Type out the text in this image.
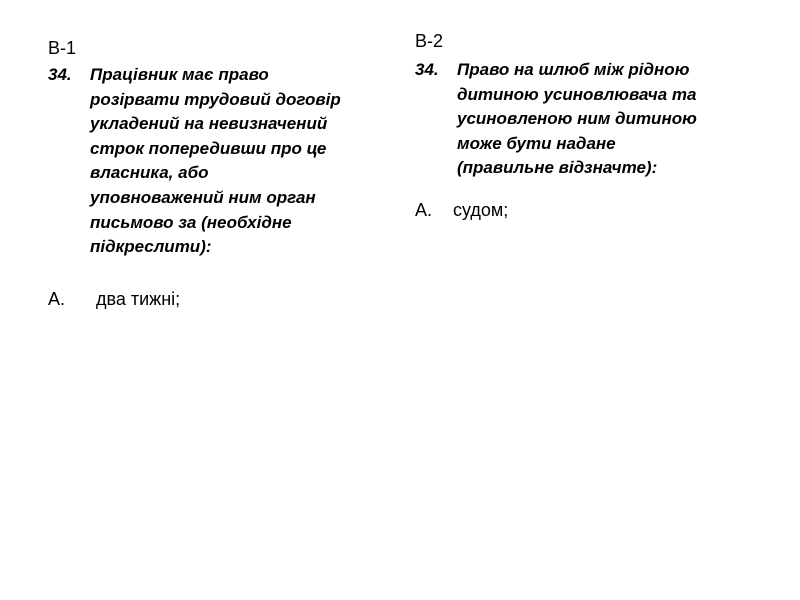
В-1
34. Працівник має право
розірвати трудовий договір
укладений на невизначений
строк попередивши про це
власника, або
уповноважений ним орган
письмово за (необхідне
підкреслити):
А. два тижні;
В-2
34. Право на шлюб між рідною
дитиною усиновлювача та
усиновленою ним дитиною
може бути надане
(правильне відзначте):
А. судом;
